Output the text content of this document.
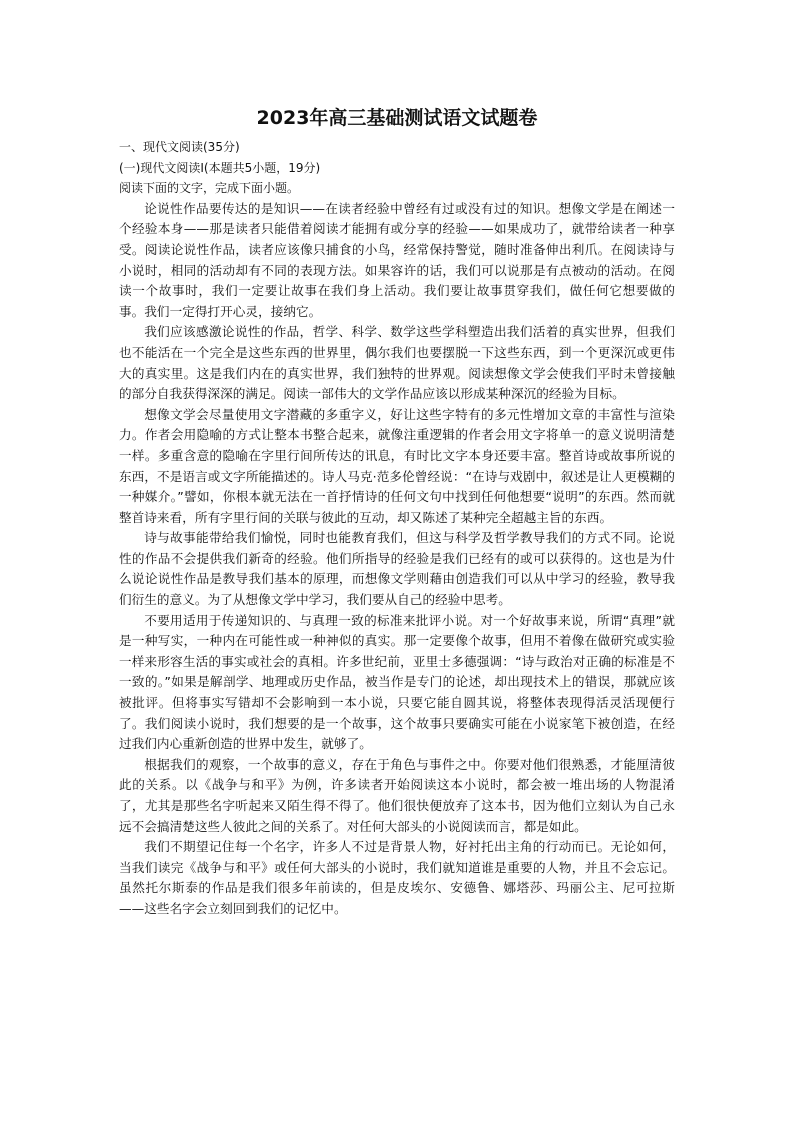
2023年高三基础测试语文试题卷

一、现代文阅读(35分)

(一)现代文阅读Ⅰ(本题共5小题，19分)

阅读下面的文字，完成下面小题。

论说性作品要传达的是知识——在读者经验中曾经有过或没有过的知识。想像文学是在阐述一个经验本身——那是读者只能借着阅读才能拥有或分享的经验——如果成功了，就带给读者一种享受。阅读论说性作品，读者应该像只捕食的小鸟，经常保持警觉，随时准备伸出利爪。在阅读诗与小说时，相同的活动却有不同的表现方法。如果容许的话，我们可以说那是有点被动的活动。在阅读一个故事时，我们一定要让故事在我们身上活动。我们要让故事贯穿我们，做任何它想要做的事。我们一定得打开心灵，接纳它。

我们应该感激论说性的作品，哲学、科学、数学这些学科塑造出我们活着的真实世界，但我们也不能活在一个完全是这些东西的世界里，偶尔我们也要摆脱一下这些东西，到一个更深沉或更伟大的真实里。这是我们内在的真实世界，我们独特的世界观。阅读想像文学会使我们平时未曾接触的部分自我获得深深的满足。阅读一部伟大的文学作品应该以形成某种深沉的经验为目标。

想像文学会尽量使用文字潜藏的多重字义，好让这些字特有的多元性增加文章的丰富性与渲染力。作者会用隐喻的方式让整本书整合起来，就像注重逻辑的作者会用文字将单一的意义说明清楚一样。多重含意的隐喻在字里行间所传达的讯息，有时比文字本身还要丰富。整首诗或故事所说的东西，不是语言或文字所能描述的。诗人马克·范多伦曾经说：“在诗与戏剧中，叙述是让人更模糊的一种媒介。”譬如，你根本就无法在一首抒情诗的任何文句中找到任何他想要“说明”的东西。然而就整首诗来看，所有字里行间的关联与彼此的互动，却又陈述了某种完全超越主旨的东西。

诗与故事能带给我们愉悦，同时也能教育我们，但这与科学及哲学教导我们的方式不同。论说性的作品不会提供我们新奇的经验。他们所指导的经验是我们已经有的或可以获得的。这也是为什么说论说性作品是教导我们基本的原理，而想像文学则藉由创造我们可以从中学习的经验，教导我们衍生的意义。为了从想像文学中学习，我们要从自己的经验中思考。

不要用适用于传递知识的、与真理一致的标准来批评小说。对一个好故事来说，所谓“真理”就是一种写实，一种内在可能性或一种神似的真实。那一定要像个故事，但用不着像在做研究或实验一样来形容生活的事实或社会的真相。许多世纪前，亚里士多德强调：“诗与政治对正确的标准是不一致的。”如果是解剖学、地理或历史作品，被当作是专门的论述，却出现技术上的错误，那就应该被批评。但将事实写错却不会影响到一本小说，只要它能自圆其说，将整体表现得活灵活现便行了。我们阅读小说时，我们想要的是一个故事，这个故事只要确实可能在小说家笔下被创造，在经过我们内心重新创造的世界中发生，就够了。

根据我们的观察，一个故事的意义，存在于角色与事件之中。你要对他们很熟悉，才能厘清彼此的关系。以《战争与和平》为例，许多读者开始阅读这本小说时，都会被一堆出场的人物混淆了，尤其是那些名字听起来又陌生得不得了。他们很快便放弃了这本书，因为他们立刻认为自己永远不会搞清楚这些人彼此之间的关系了。对任何大部头的小说阅读而言，都是如此。

我们不期望记住每一个名字，许多人不过是背景人物，好衬托出主角的行动而已。无论如何，当我们读完《战争与和平》或任何大部头的小说时，我们就知道谁是重要的人物，并且不会忘记。虽然托尔斯泰的作品是我们很多年前读的，但是皮埃尔、安德鲁、娜塔莎、玛丽公主、尼可拉斯——这些名字会立刻回到我们的记忆中。
